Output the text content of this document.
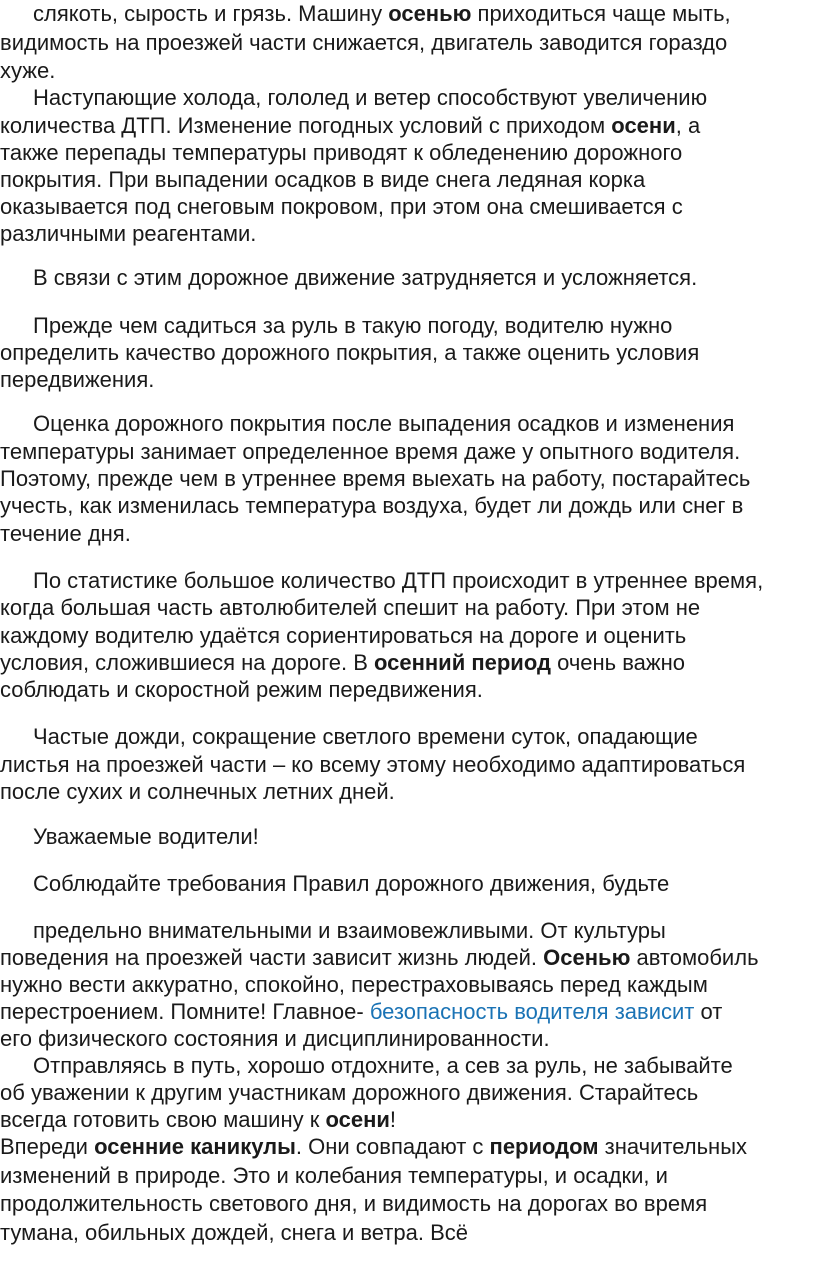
слякоть, сырость и грязь. Машину осенью приходиться чаще мыть,
видимость на проезжей части снижается, двигатель заводится гораздо
хуже.
Наступающие холода, гололед и ветер способствуют увеличению
количества ДТП. Изменение погодных условий с приходом осени, а
также перепады температуры приводят к обледенению дорожного
покрытия. При выпадении осадков в виде снега ледяная корка
оказывается под снеговым покровом, при этом она смешивается с
различными реагентами.
В связи с этим дорожное движение затрудняется и усложняется.
Прежде чем садиться за руль в такую погоду, водителю нужно
определить качество дорожного покрытия, а также оценить условия
передвижения.
Оценка дорожного покрытия после выпадения осадков и изменения
температуры занимает определенное время даже у опытного водителя.
Поэтому, прежде чем в утреннее время выехать на работу, постарайтесь
учесть, как изменилась температура воздуха, будет ли дождь или снег в
течение дня.
По статистике большое количество ДТП происходит в утреннее время,
когда большая часть автолюбителей спешит на работу. При этом не
каждому водителю удаётся сориентироваться на дороге и оценить
условия, сложившиеся на дороге. В осенний период очень важно
соблюдать и скоростной режим передвижения.
Частые дожди, сокращение светлого времени суток, опадающие
листья на проезжей части – ко всему этому необходимо адаптироваться
после сухих и солнечных летних дней.
Уважаемые водители!
Соблюдайте требования Правил дорожного движения, будьте
предельно внимательными и взаимовежливыми. От культуры
поведения на проезжей части зависит жизнь людей. Осенью автомобиль
нужно вести аккуратно, спокойно, перестраховываясь перед каждым
перестроением. Помните! Главное- безопасность водителя зависит от
его физического состояния и дисциплинированности.
Отправляясь в путь, хорошо отдохните, а сев за руль, не забывайте
об уважении к другим участникам дорожного движения. Старайтесь
всегда готовить свою машину к осени!
Впереди осенние каникулы. Они совпадают с периодом значительных
изменений в природе. Это и колебания температуры, и осадки, и
продолжительность светового дня, и видимость на дорогах во время
тумана, обильных дождей, снега и ветра. Всё
